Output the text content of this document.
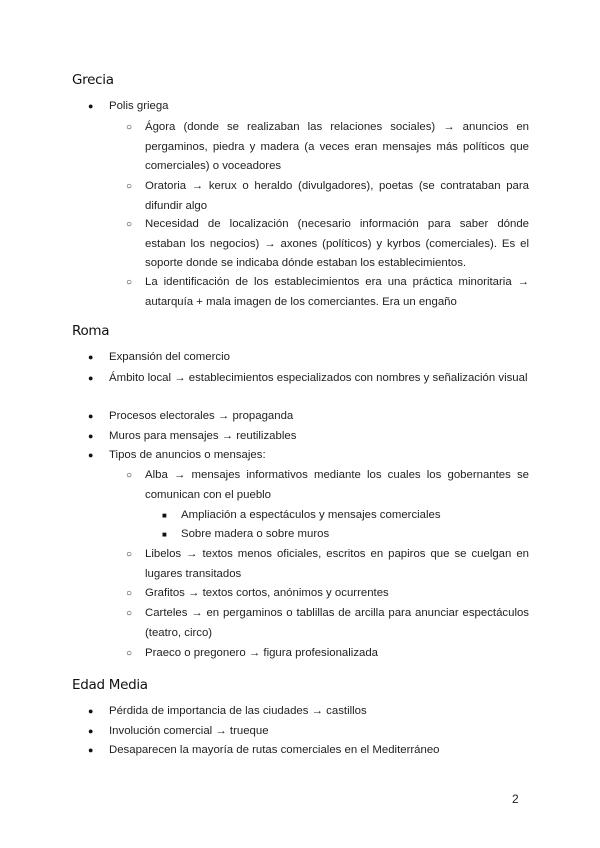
Grecia
● Polis griega
○ Ágora (donde se realizaban las relaciones sociales) → anuncios en pergaminos, piedra y madera (a veces eran mensajes más políticos que comerciales) o voceadores
○ Oratoria → kerux o heraldo (divulgadores), poetas (se contrataban para difundir algo
○ Necesidad de localización (necesario información para saber dónde estaban los negocios) → axones (políticos) y kyrbos (comerciales). Es el soporte donde se indicaba dónde estaban los establecimientos.
○ La identificación de los establecimientos era una práctica minoritaria → autarquía + mala imagen de los comerciantes. Era un engaño
Roma
● Expansión del comercio
● Ámbito local → establecimientos especializados con nombres y señalización visual
● Procesos electorales → propaganda
● Muros para mensajes → reutilizables
● Tipos de anuncios o mensajes:
○ Alba → mensajes informativos mediante los cuales los gobernantes se comunican con el pueblo
■ Ampliación a espectáculos y mensajes comerciales
■ Sobre madera o sobre muros
○ Libelos → textos menos oficiales, escritos en papiros que se cuelgan en lugares transitados
○ Grafitos → textos cortos, anónimos y ocurrentes
○ Carteles → en pergaminos o tablillas de arcilla para anunciar espectáculos (teatro, circo)
○ Praeco o pregonero → figura profesionalizada
Edad Media
● Pérdida de importancia de las ciudades → castillos
● Involución comercial → trueque
● Desaparecen la mayoría de rutas comerciales en el Mediterráneo
2
